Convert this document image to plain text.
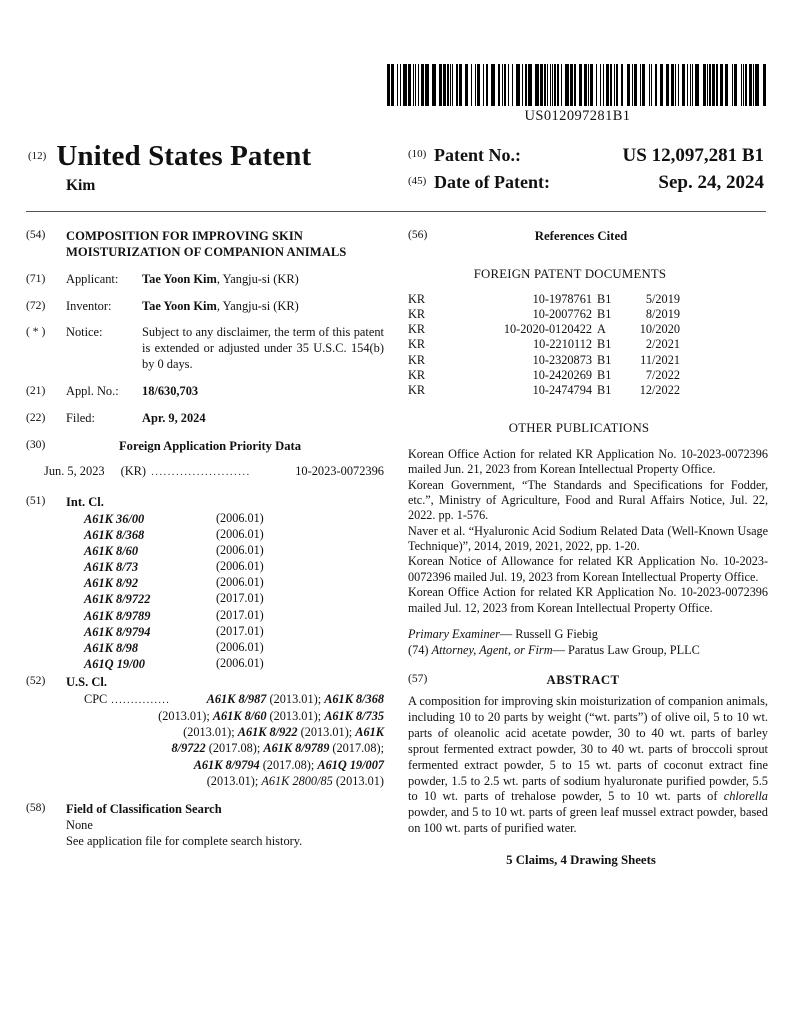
US012097281B1
$^{(12)}$ United States Patent
Kim
(10) Patent No.:	US 12,097,281 B1
(45) Date of Patent:	Sep. 24, 2024
(54)	COMPOSITION FOR IMPROVING SKIN MOISTURIZATION OF COMPANION ANIMALS
(71)	Applicant:	Tae Yoon Kim, Yangju-si (KR)
(72)	Inventor:	Tae Yoon Kim, Yangju-si (KR)
( * )	Notice:	Subject to any disclaimer, the term of this patent is extended or adjusted under 35 U.S.C. 154(b) by 0 days.
(21)	Appl. No.:	18/630,703
(22)	Filed:	Apr. 9, 2024
(30)	Foreign Application Priority Data
Jun. 5, 2023 (KR) ........................	10-2023-0072396
(51)	Int. Cl.
A61K 36/00	(2006.01)
A61K 8/368	(2006.01)
A61K 8/60	(2006.01)
A61K 8/73	(2006.01)
A61K 8/92	(2006.01)
A61K 8/9722	(2017.01)
A61K 8/9789	(2017.01)
A61K 8/9794	(2017.01)
A61K 8/98	(2006.01)
A61Q 19/00	(2006.01)
(52)	U.S. Cl.
CPC ...............	A61K 8/987 (2013.01); A61K 8/368
(2013.01); A61K 8/60 (2013.01); A61K 8/735
(2013.01); A61K 8/922 (2013.01); A61K
8/9722 (2017.08); A61K 8/9789 (2017.08);
A61K 8/9794 (2017.08); A61Q 19/007
(2013.01); A61K 2800/85 (2013.01)
(58)	Field of Classification Search
None
See application file for complete search history.
(56)	References Cited
FOREIGN PATENT DOCUMENTS
KR	10-1978761 B1	5/2019
KR	10-2007762 B1	8/2019
KR	10-2020-0120422 A	10/2020
KR	10-2210112 B1	2/2021
KR	10-2320873 B1	11/2021
KR	10-2420269 B1	7/2022
KR	10-2474794 B1	12/2022
OTHER PUBLICATIONS
Korean Office Action for related KR Application No. 10-2023-0072396 mailed Jun. 21, 2023 from Korean Intellectual Property Office.
Korean Government, “The Standards and Specifications for Fodder, etc.”, Ministry of Agriculture, Food and Rural Affairs Notice, Jul. 22, 2022. pp. 1-576.
Naver et al. “Hyaluronic Acid Sodium Related Data (Well-Known Usage Technique)”, 2014, 2019, 2021, 2022, pp. 1-20.
Korean Notice of Allowance for related KR Application No. 10-2023-0072396 mailed Jul. 19, 2023 from Korean Intellectual Property Office.
Korean Office Action for related KR Application No. 10-2023-0072396 mailed Jul. 12, 2023 from Korean Intellectual Property Office.
Primary Examiner— Russell G Fiebig
(74) Attorney, Agent, or Firm— Paratus Law Group, PLLC
(57)	ABSTRACT
A composition for improving skin moisturization of companion animals, including 10 to 20 parts by weight (“wt. parts”) of olive oil, 5 to 10 wt. parts of oleanolic acid acetate powder, 30 to 40 wt. parts of barley sprout fermented extract powder, 30 to 40 wt. parts of broccoli sprout fermented extract powder, 5 to 15 wt. parts of coconut extract fine powder, 1.5 to 2.5 wt. parts of sodium hyaluronate purified powder, 5.5 to 10 wt. parts of trehalose powder, 5 to 10 wt. parts of chlorella powder, and 5 to 10 wt. parts of green leaf mussel extract powder, based on 100 wt. parts of purified water.
5 Claims, 4 Drawing Sheets
